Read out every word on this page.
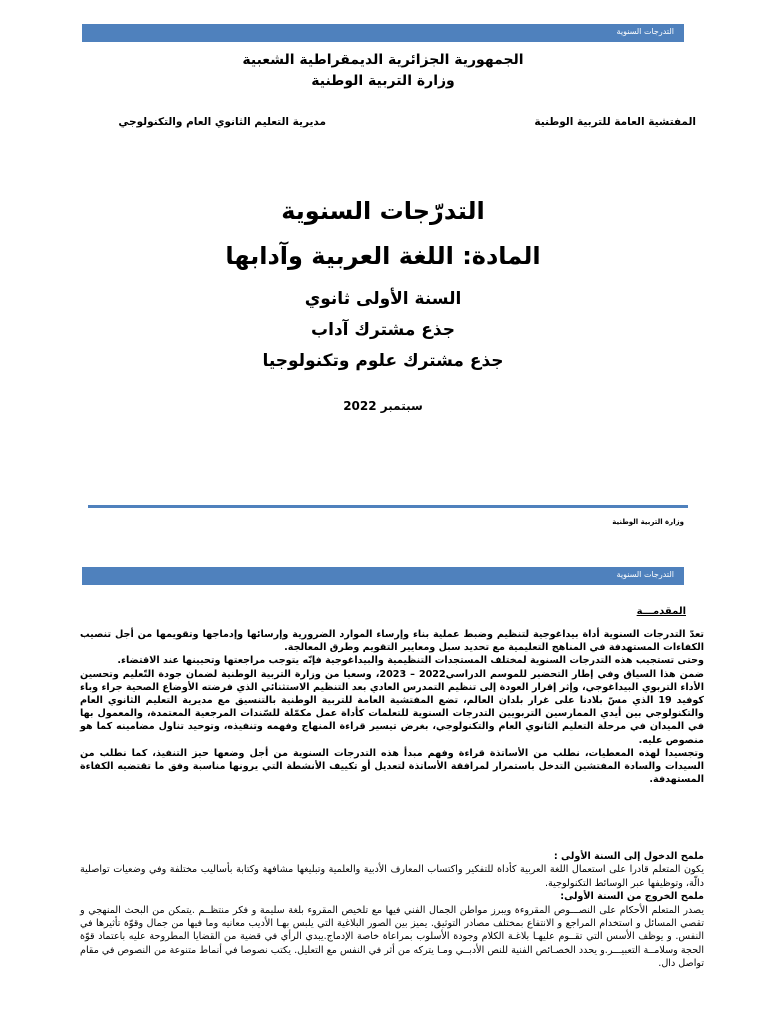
التدرجات السنوية
الجمهورية الجزائرية الديمقراطية الشعبية
وزارة التربية الوطنية
المفتشية العامة للتربية الوطنية
مديرية التعليم الثانوي العام والتكنولوجي
التدرّجات السنوية
المادة: اللغة العربية وآدابها
السنة الأولى ثانوي
جذع مشترك آداب
جذع مشترك علوم وتكنولوجيا
سبتمبر 2022
وزارة التربية الوطنية
التدرجات السنوية
المقدمـــة

تعدّ التدرجات السنوية أداة بيداغوجية لتنظيم وضبط عملية بناء وإرساء الموارد الضرورية وإرسائها وإدماجها وتقويمها من أجل تنصيب الكفاءات المستهدفة في المناهج التعليمية مع تحديد سبل ومعايير التقويم وطرق المعالجة.

وحتى تستجيب هذه التدرجات السنوية لمختلف المستجدات التنظيمية والبيداغوجية فإنّه يتوجب مراجعتها وتحيينها عند الاقتضاء.

ضمن هذا السياق وفي إطار التحضير للموسم الدراسي2022 – 2023، وسعيا من وزارة التربية الوطنية لضمان جودة التّعليم وتحسين الأداء التربوي البيداغوجي، وإثر إقرار العودة إلى تنظيم التمدرس العادي بعد التنظيم الاستثنائي الذي فرضته الأوضاع الصحية جراء وباء كوفيد 19 الذي مسّ بلادنا على غرار بلدان العالم، تضع المفتشية العامة للتربية الوطنية بالتنسيق مع مديرية التعليم الثانوي العام والتكنولوجي بين أيدي الممارسين التربويين التدرجات السنوية للتعلمات كأداة عمل مكمّلة للسّندات المرجعية المعتمدة، والمعمول بها في الميدان في مرحلة التعليم الثانوي العام والتكنولوجي، بغرض تيسير قراءة المنهاج وفهمه وتنفيذه، وتوحيد تناول مضامينه كما هو منصوص عليه.

وتجسيدا لهذه المعطيات، نطلب من الأساتذة قراءة وفهم مبدأ هذه التدرجات السنوية من أجل وضعها حيز التنفيذ، كما نطلب من السيدات والسادة المفتشين التدخل باستمرار لمرافقة الأساتذة لتعديل أو تكييف الأنشطة التي يرونها مناسبة وفق ما تقتضيه الكفاءة المستهدفة.

ملمح الدخول إلى السنة الأولى :

يكون المتعلم قادرا على استعمال اللغة العربية كأداة للتفكير واكتساب المعارف الأدبية والعلمية وتبليغها مشافهة وكتابة بأساليب مختلفة وفي وضعيات تواصلية دالّة، وتوظيفها عبر الوسائط التكنولوجية.

ملمح الخروج من السنة الأولى:

يصدر المتعلم الأحكام على النصـــوص المقروءة ويبرز مواطن الجمال الفني فيها مع تلخيص المقروء بلغة سليمة و فكر منتظــم .يتمكن من البحث المنهجي و تقصي المسائل و استخدام المراجع و الانتفاع بمختلف مصادر التوثيق. يميز بين الصور البلاغية التي يلبس بهـا الأديب معانيه وما فيها من جمال وقوّة تأثيرها في النفس. و يوظف الأسس التي تقــوم عليهـا بلاغـة الكلام وجودة الأسلوب بمراعاة خاصة الإدماج.يبدي الرأي في قضية من القضايا المطروحة عليه باعتماد قوّة الحجة وسلامــة التعبيـــر.و يحدد الخصـائص الفنية للنص الأدبــي ومـا يتركه من أثر في النفس مع التعليل. يكتب نصوصا في أنماط متنوعة من النصوص في مقام تواصل دال.
